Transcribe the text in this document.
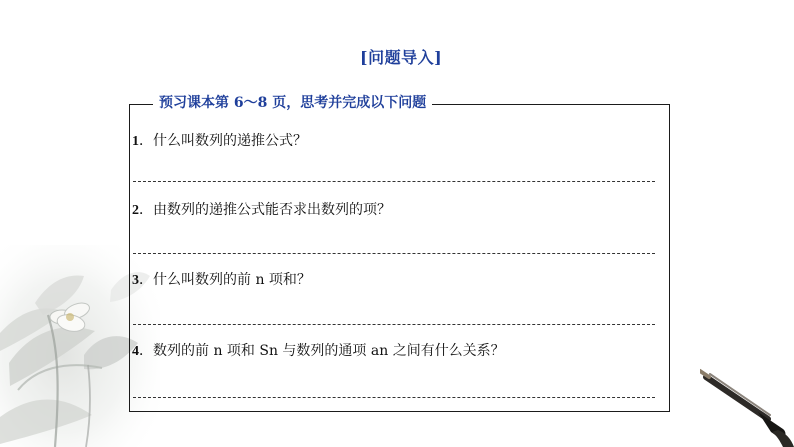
[问题导入]
预习课本第 6～8 页，思考并完成以下问题
1．什么叫数列的递推公式？
2．由数列的递推公式能否求出数列的项？
3．什么叫数列的前 n 项和？
4．数列的前 n 项和 Sn 与数列的通项 an 之间有什么关系？
